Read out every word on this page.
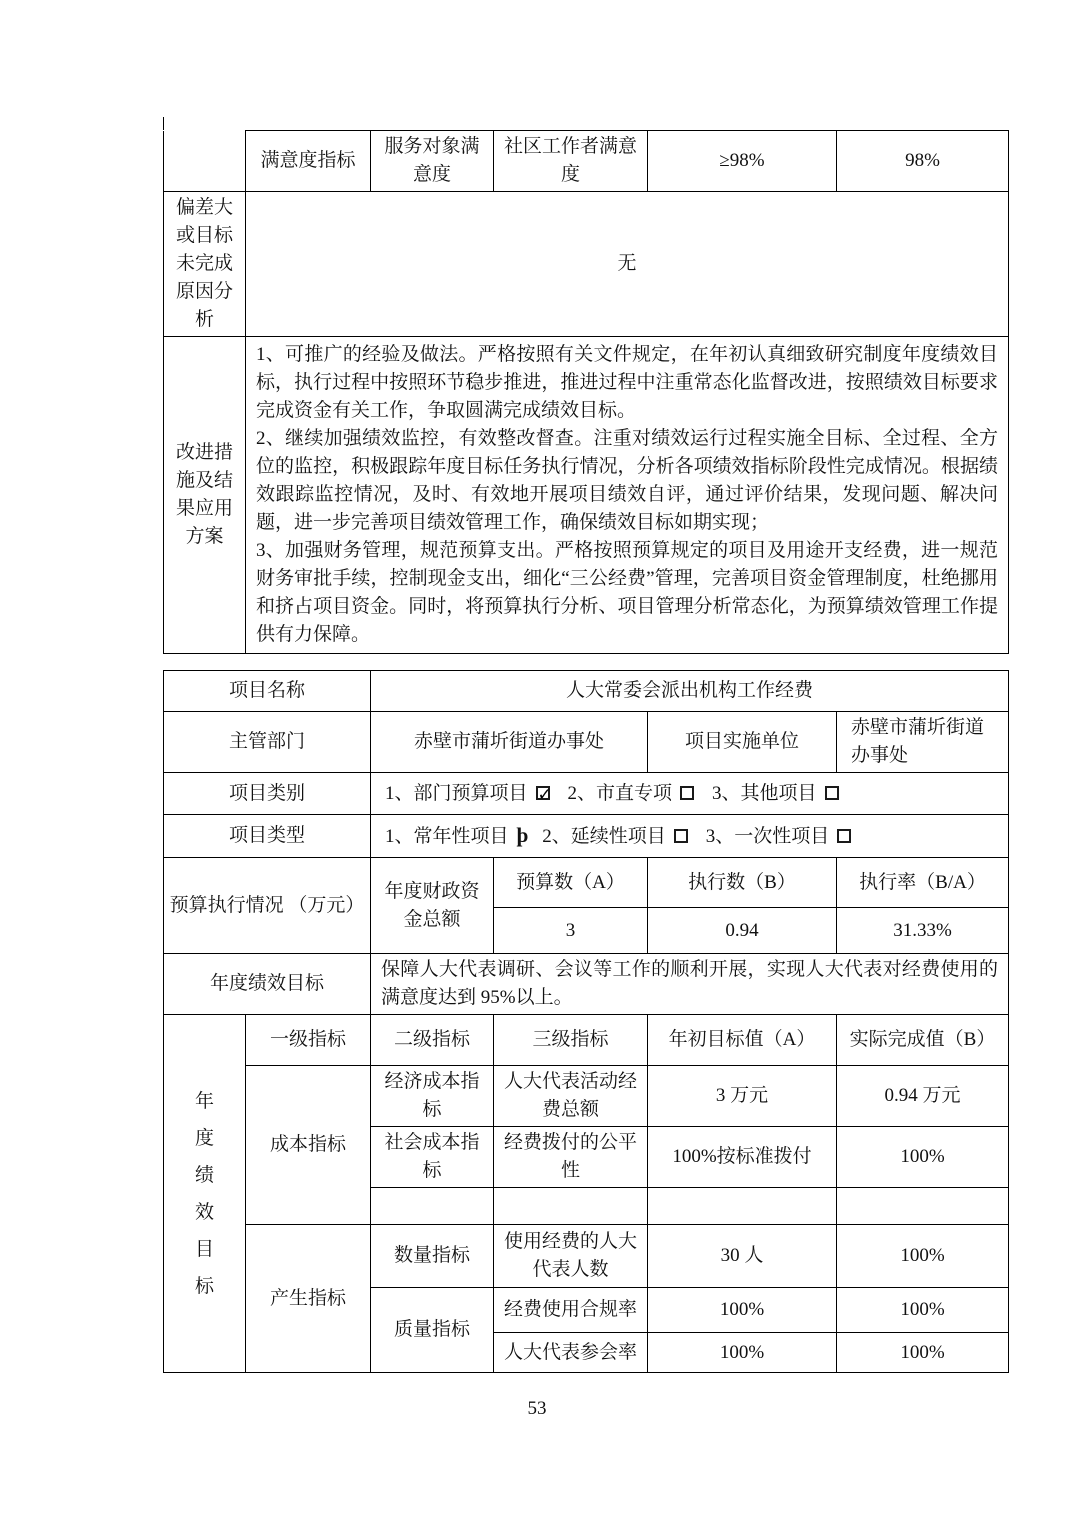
	满意度指标	服务对象满意度	社区工作者满意度	≥98%	98%
偏差大或目标未完成原因分析	无				
改进措施及结果应用方案	1、可推广的经验及做法。严格按照有关文件规定，在年初认真细致研究制度年度绩效目标，执行过程中按照环节稳步推进，推进过程中注重常态化监督改进，按照绩效目标要求完成资金有关工作，争取圆满完成绩效目标。
2、继续加强绩效监控，有效整改督查。注重对绩效运行过程实施全目标、全过程、全方位的监控，积极跟踪年度目标任务执行情况，分析各项绩效指标阶段性完成情况。根据绩效跟踪监控情况，及时、有效地开展项目绩效自评，通过评价结果，发现问题、解决问题，进一步完善项目绩效管理工作，确保绩效目标如期实现；
3、加强财务管理，规范预算支出。严格按照预算规定的项目及用途开支经费，进一规范财务审批手续，控制现金支出，细化“三公经费”管理，完善项目资金管理制度，杜绝挪用和挤占项目资金。同时，将预算执行分析、项目管理分析常态化，为预算绩效管理工作提供有力保障。				
项目名称		人大常委会派出机构工作经费			
主管部门		赤壁市蒲圻街道办事处		项目实施单位	赤壁市蒲圻街道办事处
项目类别		1、部门预算项目 ✓ 2、市直专项 3、其他项目
项目类型		1、常年性项目 þ 2、延续性项目 3、一次性项目			
预算执行情况 （万元）		年度财政资金总额	预算数（A）	执行数（B）	执行率（B/A）
			3	0.94	31.33%
年度绩效目标		保障人大代表调研、会议等工作的顺利开展，实现人大代表对经费使用的满意度达到 95%以上。			

年度绩效目标	一级指标	二级指标	三级指标	年初目标值（A）	实际完成值（B）
	成本指标	经济成本指标	人大代表活动经费总额	3 万元	0.94 万元
		社会成本指标	经费拨付的公平性	100%按标准拨付	100%

	产生指标	数量指标	使用经费的人大代表人数	30 人	100%
		质量指标	经费使用合规率	100%	100%
			人大代表参会率	100%	100%
53
